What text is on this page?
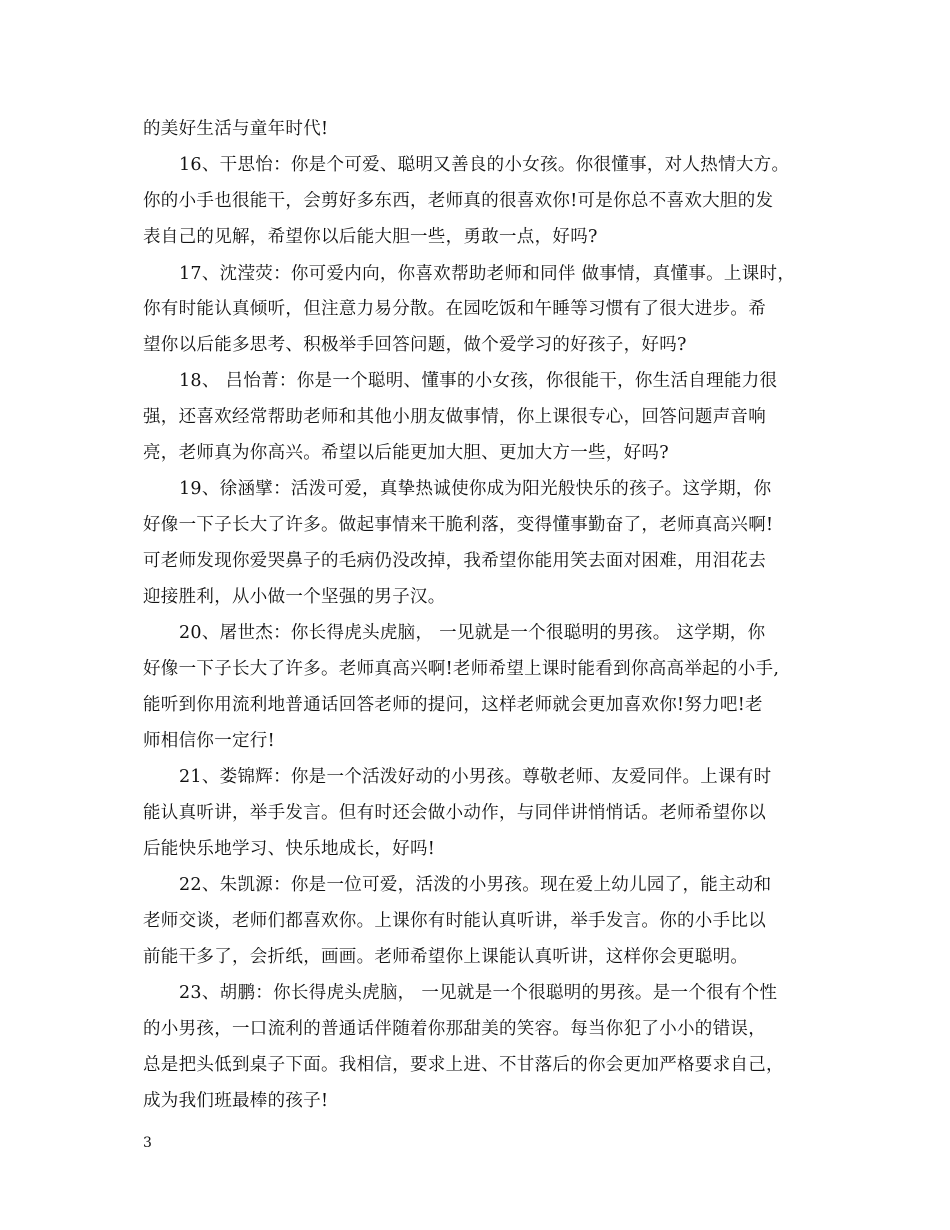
的美好生活与童年时代!
16、干思怡：你是个可爱、聪明又善良的小女孩。你很懂事，对人热情大方。
你的小手也很能干，会剪好多东西，老师真的很喜欢你!可是你总不喜欢大胆的发
表自己的见解，希望你以后能大胆一些，勇敢一点，好吗?
17、沈滢荧：你可爱内向，你喜欢帮助老师和同伴 做事情，真懂事。上课时，
你有时能认真倾听，但注意力易分散。在园吃饭和午睡等习惯有了很大进步。希
望你以后能多思考、积极举手回答问题，做个爱学习的好孩子，好吗?
18、 吕怡菁：你是一个聪明、懂事的小女孩，你很能干，你生活自理能力很
强，还喜欢经常帮助老师和其他小朋友做事情，你上课很专心，回答问题声音响
亮，老师真为你高兴。希望以后能更加大胆、更加大方一些，好吗?
19、徐涵擘：活泼可爱，真挚热诚使你成为阳光般快乐的孩子。这学期，你
好像一下子长大了许多。做起事情来干脆利落，变得懂事勤奋了，老师真高兴啊!
可老师发现你爱哭鼻子的毛病仍没改掉，我希望你能用笑去面对困难，用泪花去
迎接胜利，从小做一个坚强的男子汉。
20、屠世杰：你长得虎头虎脑， 一见就是一个很聪明的男孩。 这学期，你
好像一下子长大了许多。老师真高兴啊!老师希望上课时能看到你高高举起的小手,
能听到你用流利地普通话回答老师的提问，这样老师就会更加喜欢你!努力吧!老
师相信你一定行!
21、娄锦辉：你是一个活泼好动的小男孩。尊敬老师、友爱同伴。上课有时
能认真听讲，举手发言。但有时还会做小动作，与同伴讲悄悄话。老师希望你以
后能快乐地学习、快乐地成长，好吗!
22、朱凯源：你是一位可爱，活泼的小男孩。现在爱上幼儿园了，能主动和
老师交谈，老师们都喜欢你。上课你有时能认真听讲，举手发言。你的小手比以
前能干多了，会折纸，画画。老师希望你上课能认真听讲，这样你会更聪明。
23、胡鹏：你长得虎头虎脑， 一见就是一个很聪明的男孩。是一个很有个性
的小男孩，一口流利的普通话伴随着你那甜美的笑容。每当你犯了小小的错误，
总是把头低到桌子下面。我相信，要求上进、不甘落后的你会更加严格要求自己，
成为我们班最棒的孩子!
3
